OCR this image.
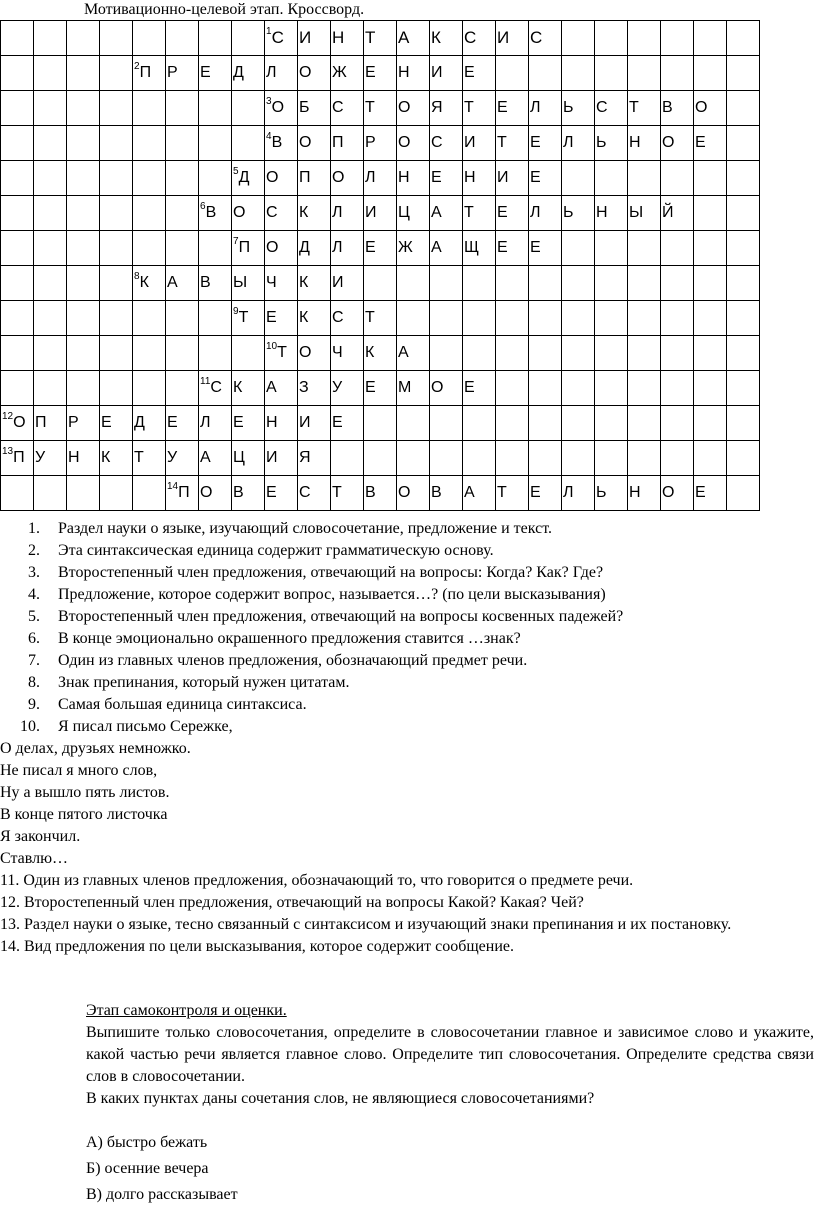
Мотивационно-целевой этап. Кроссворд.
								$^1$С	И	Н	Т	А	К	С	И	С						
				$^2$П	Р	Е	Д	Л	О	Ж	Е	Н	И	Е								
								$^3$О	Б	С	Т	О	Я	Т	Е	Л	Ь	С	Т	В	О	
								$^4$В	О	П	Р	О	С	И	Т	Е	Л	Ь	Н	О	Е	
							$^5$Д	О	П	О	Л	Н	Е	Н	И	Е						
						$^6$В	О	С	К	Л	И	Ц	А	Т	Е	Л	Ь	Н	Ы	Й		
							$^7$П	О	Д	Л	Е	Ж	А	Щ	Е	Е						
				$^8$К	А	В	Ы	Ч	К	И												
							$^9$Т	Е	К	С	Т											
								$^{10}$Т	О	Ч	К	А										
						$^{11}$С	К	А	З	У	Е	М	О	Е								
$^{12}$О	П	Р	Е	Д	Е	Л	Е	Н	И	Е												
$^{13}$П	У	Н	К	Т	У	А	Ц	И	Я													
					$^{14}$П	О	В	Е	С	Т	В	О	В	А	Т	Е	Л	Ь	Н	О	Е	
1.	Раздел науки о языке, изучающий словосочетание, предложение и текст.
2.	Эта синтаксическая единица содержит грамматическую основу.
3.	Второстепенный член предложения, отвечающий на вопросы: Когда? Как? Где?
4.	Предложение, которое содержит вопрос, называется…? (по цели высказывания)
5.	Второстепенный член предложения, отвечающий на вопросы косвенных падежей?
6.	В конце эмоционально окрашенного предложения ставится …знак?
7.	Один из главных членов предложения, обозначающий предмет речи.
8.	Знак препинания, который нужен цитатам.
9.	Самая большая единица синтаксиса.
10. Я писал письмо Сережке,
О делах, друзьях немножко.
Не писал я много слов,
Ну а вышло пять листов.
В конце пятого листочка
Я закончил.
Ставлю…
11. Один из главных членов предложения, обозначающий то, что говорится о предмете речи.
12. Второстепенный член предложения, отвечающий на вопросы Какой? Какая? Чей?
13. Раздел науки о языке, тесно связанный с синтаксисом и изучающий знаки препинания и их постановку.
14. Вид предложения по цели высказывания, которое содержит сообщение.
Этап самоконтроля и оценки.
Выпишите только словосочетания, определите в словосочетании главное и зависимое слово и укажите, какой частью речи является главное слово. Определите тип словосочетания. Определите средства связи слов в словосочетании.
В каких пунктах даны сочетания слов, не являющиеся словосочетаниями?
А) быстро бежать
Б) осенние вечера
В) долго рассказывает
